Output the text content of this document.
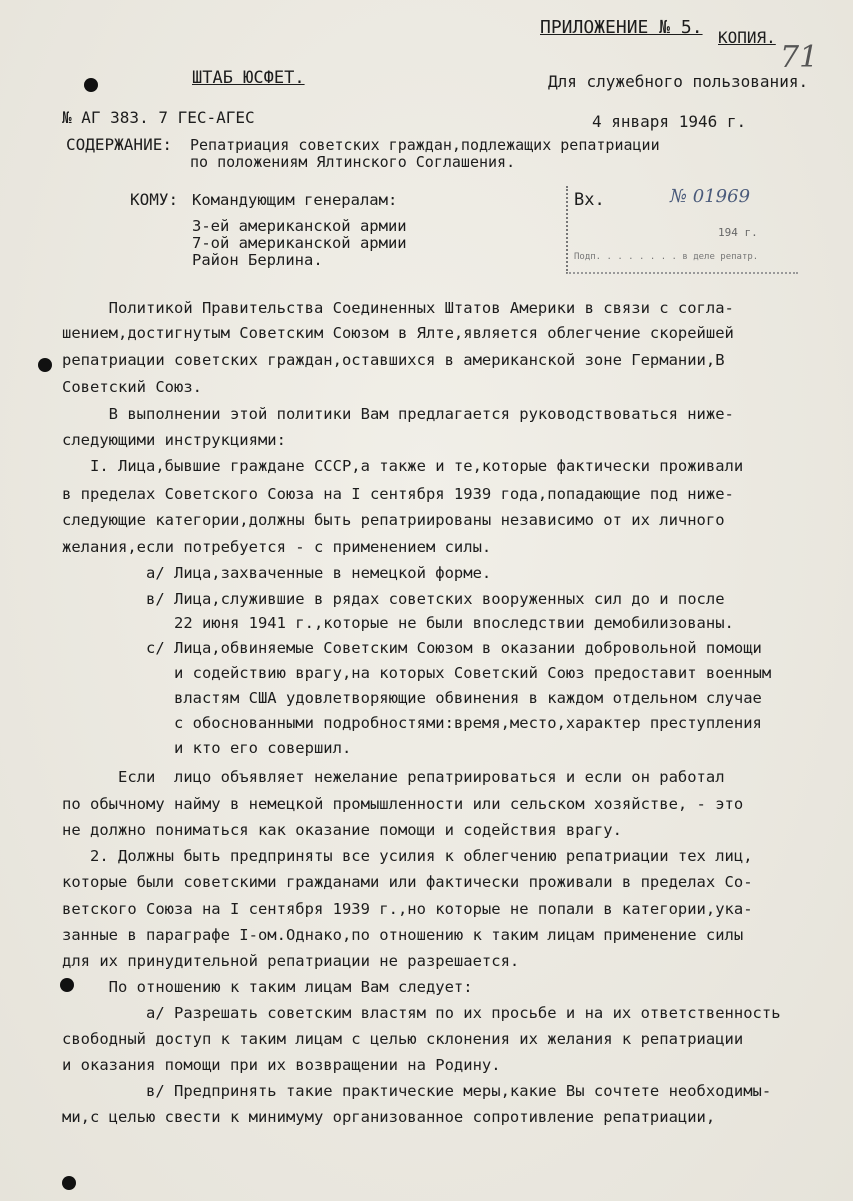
ПРИЛОЖЕНИЕ № 5. КОПИЯ.
71
ШТАБ ЮСФЕТ.	Для служебного пользования.
№ АГ 383. 7 ГЕС-АГЕС	4 января 1946 г.
СОДЕРЖАНИЕ: Репатриация советских граждан,подлежащих репатриации
по положениям Ялтинского Соглашения.
КОМУ: Командующим генералам:
3-ей американской армии
7-ой американской армии
Район Берлина.
Вх.	№ 01969
194 г.
Подп. . . . . . . . в деле репатр.
Политикой Правительства Соединенных Штатов Америки в связи с согла-
шением,достигнутым Советским Союзом в Ялте,является облегчение скорейшей
репатриации советских граждан,оставшихся в американской зоне Германии,В
Советский Союз.
В выполнении этой политики Вам предлагается руководствоваться ниже-
следующими инструкциями:
I. Лица,бывшие граждане СССР,а также и те,которые фактически проживали
в пределах Советского Союза на I сентября 1939 года,попадающие под ниже-
следующие категории,должны быть репатриированы независимо от их личного
желания,если потребуется - с применением силы.
а/ Лица,захваченные в немецкой форме.
в/ Лица,служившие в рядах советских вооруженных сил до и после
22 июня 1941 г.,которые не были впоследствии демобилизованы.
с/ Лица,обвиняемые Советским Союзом в оказании добровольной помощи
и содействию врагу,на которых Советский Союз предоставит военным
властям США удовлетворяющие обвинения в каждом отдельном случае
с обоснованными подробностями:время,место,характер преступления
и кто его совершил.
Если  лицо объявляет нежелание репатриироваться и если он работал
по обычному найму в немецкой промышленности или сельском хозяйстве, - это
не должно пониматься как оказание помощи и содействия врагу.
2. Должны быть предприняты все усилия к облегчению репатриации тех лиц,
которые были советскими гражданами или фактически проживали в пределах Со-
ветского Союза на I сентября 1939 г.,но которые не попали в категории,ука-
занные в параграфе I-ом.Однако,по отношению к таким лицам применение силы
для их принудительной репатриации не разрешается.
По отношению к таким лицам Вам следует:
а/ Разрешать советским властям по их просьбе и на их ответственность
свободный доступ к таким лицам с целью склонения их желания к репатриации
и оказания помощи при их возвращении на Родину.
в/ Предпринять такие практические меры,какие Вы сочтете необходимы-
ми,с целью свести к минимуму организованное сопротивление репатриации,
